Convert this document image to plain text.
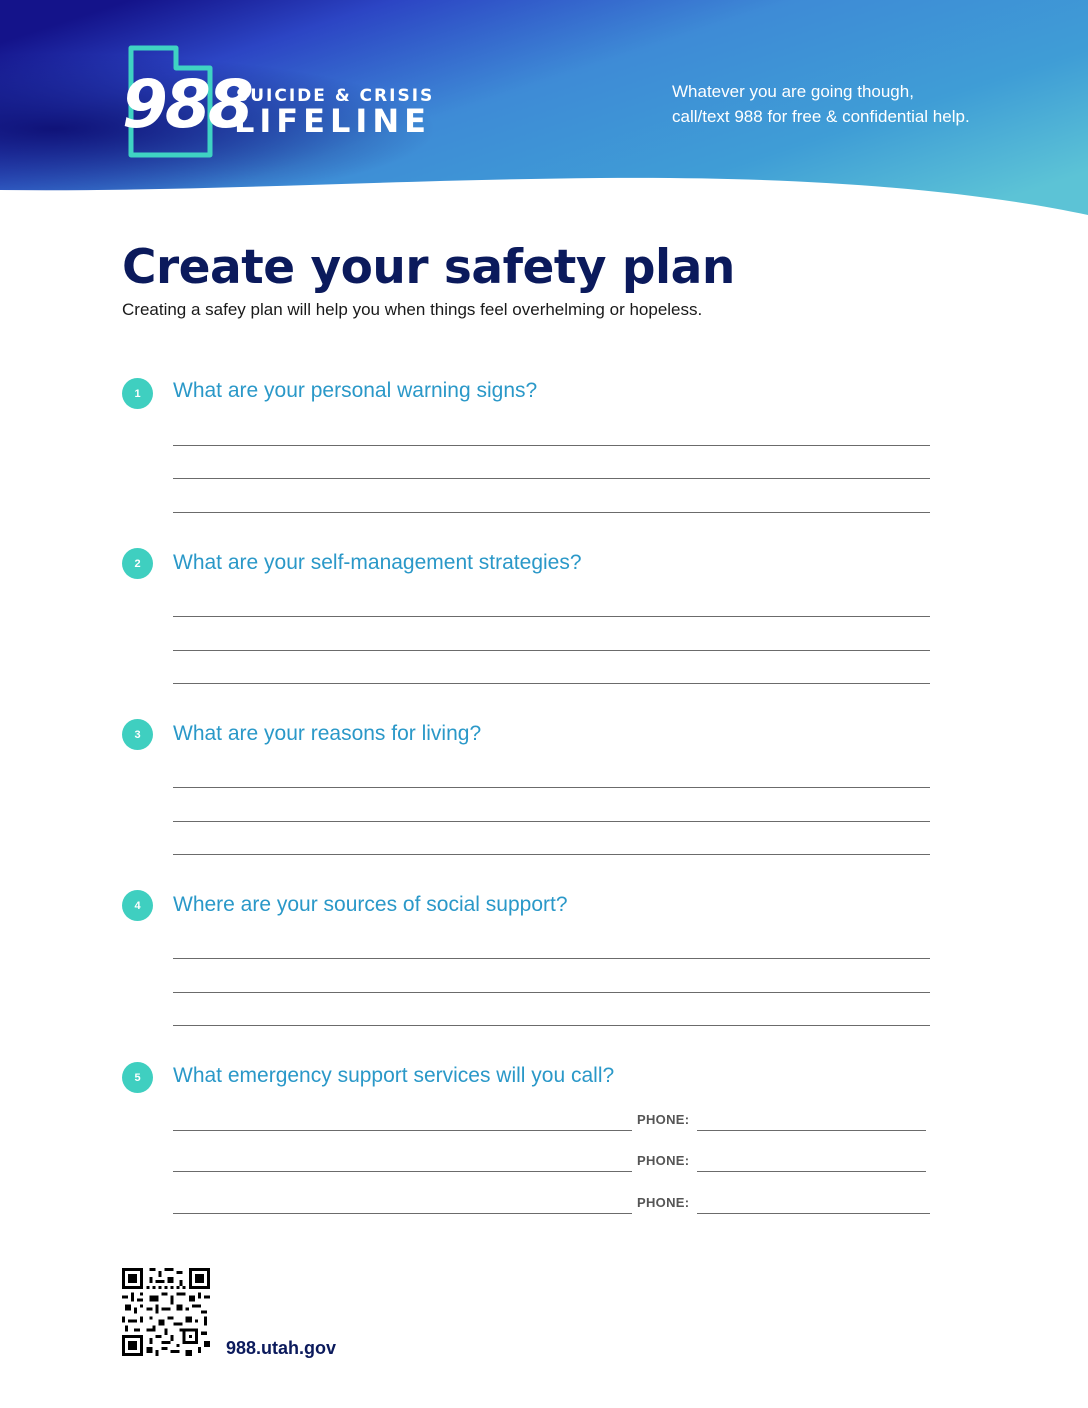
988
SUICIDE & CRISIS
LIFELINE
Whatever you are going though,
call/text 988 for free & confidential help.
Create your safety plan
Creating a safey plan will help you when things feel overhelming or hopeless.
1	What are your personal warning signs?
2	What are your self-management strategies?
3	What are your reasons for living?
4	Where are your sources of social support?
5	What emergency support services will you call?
PHONE:
PHONE:
PHONE:
988.utah.gov
